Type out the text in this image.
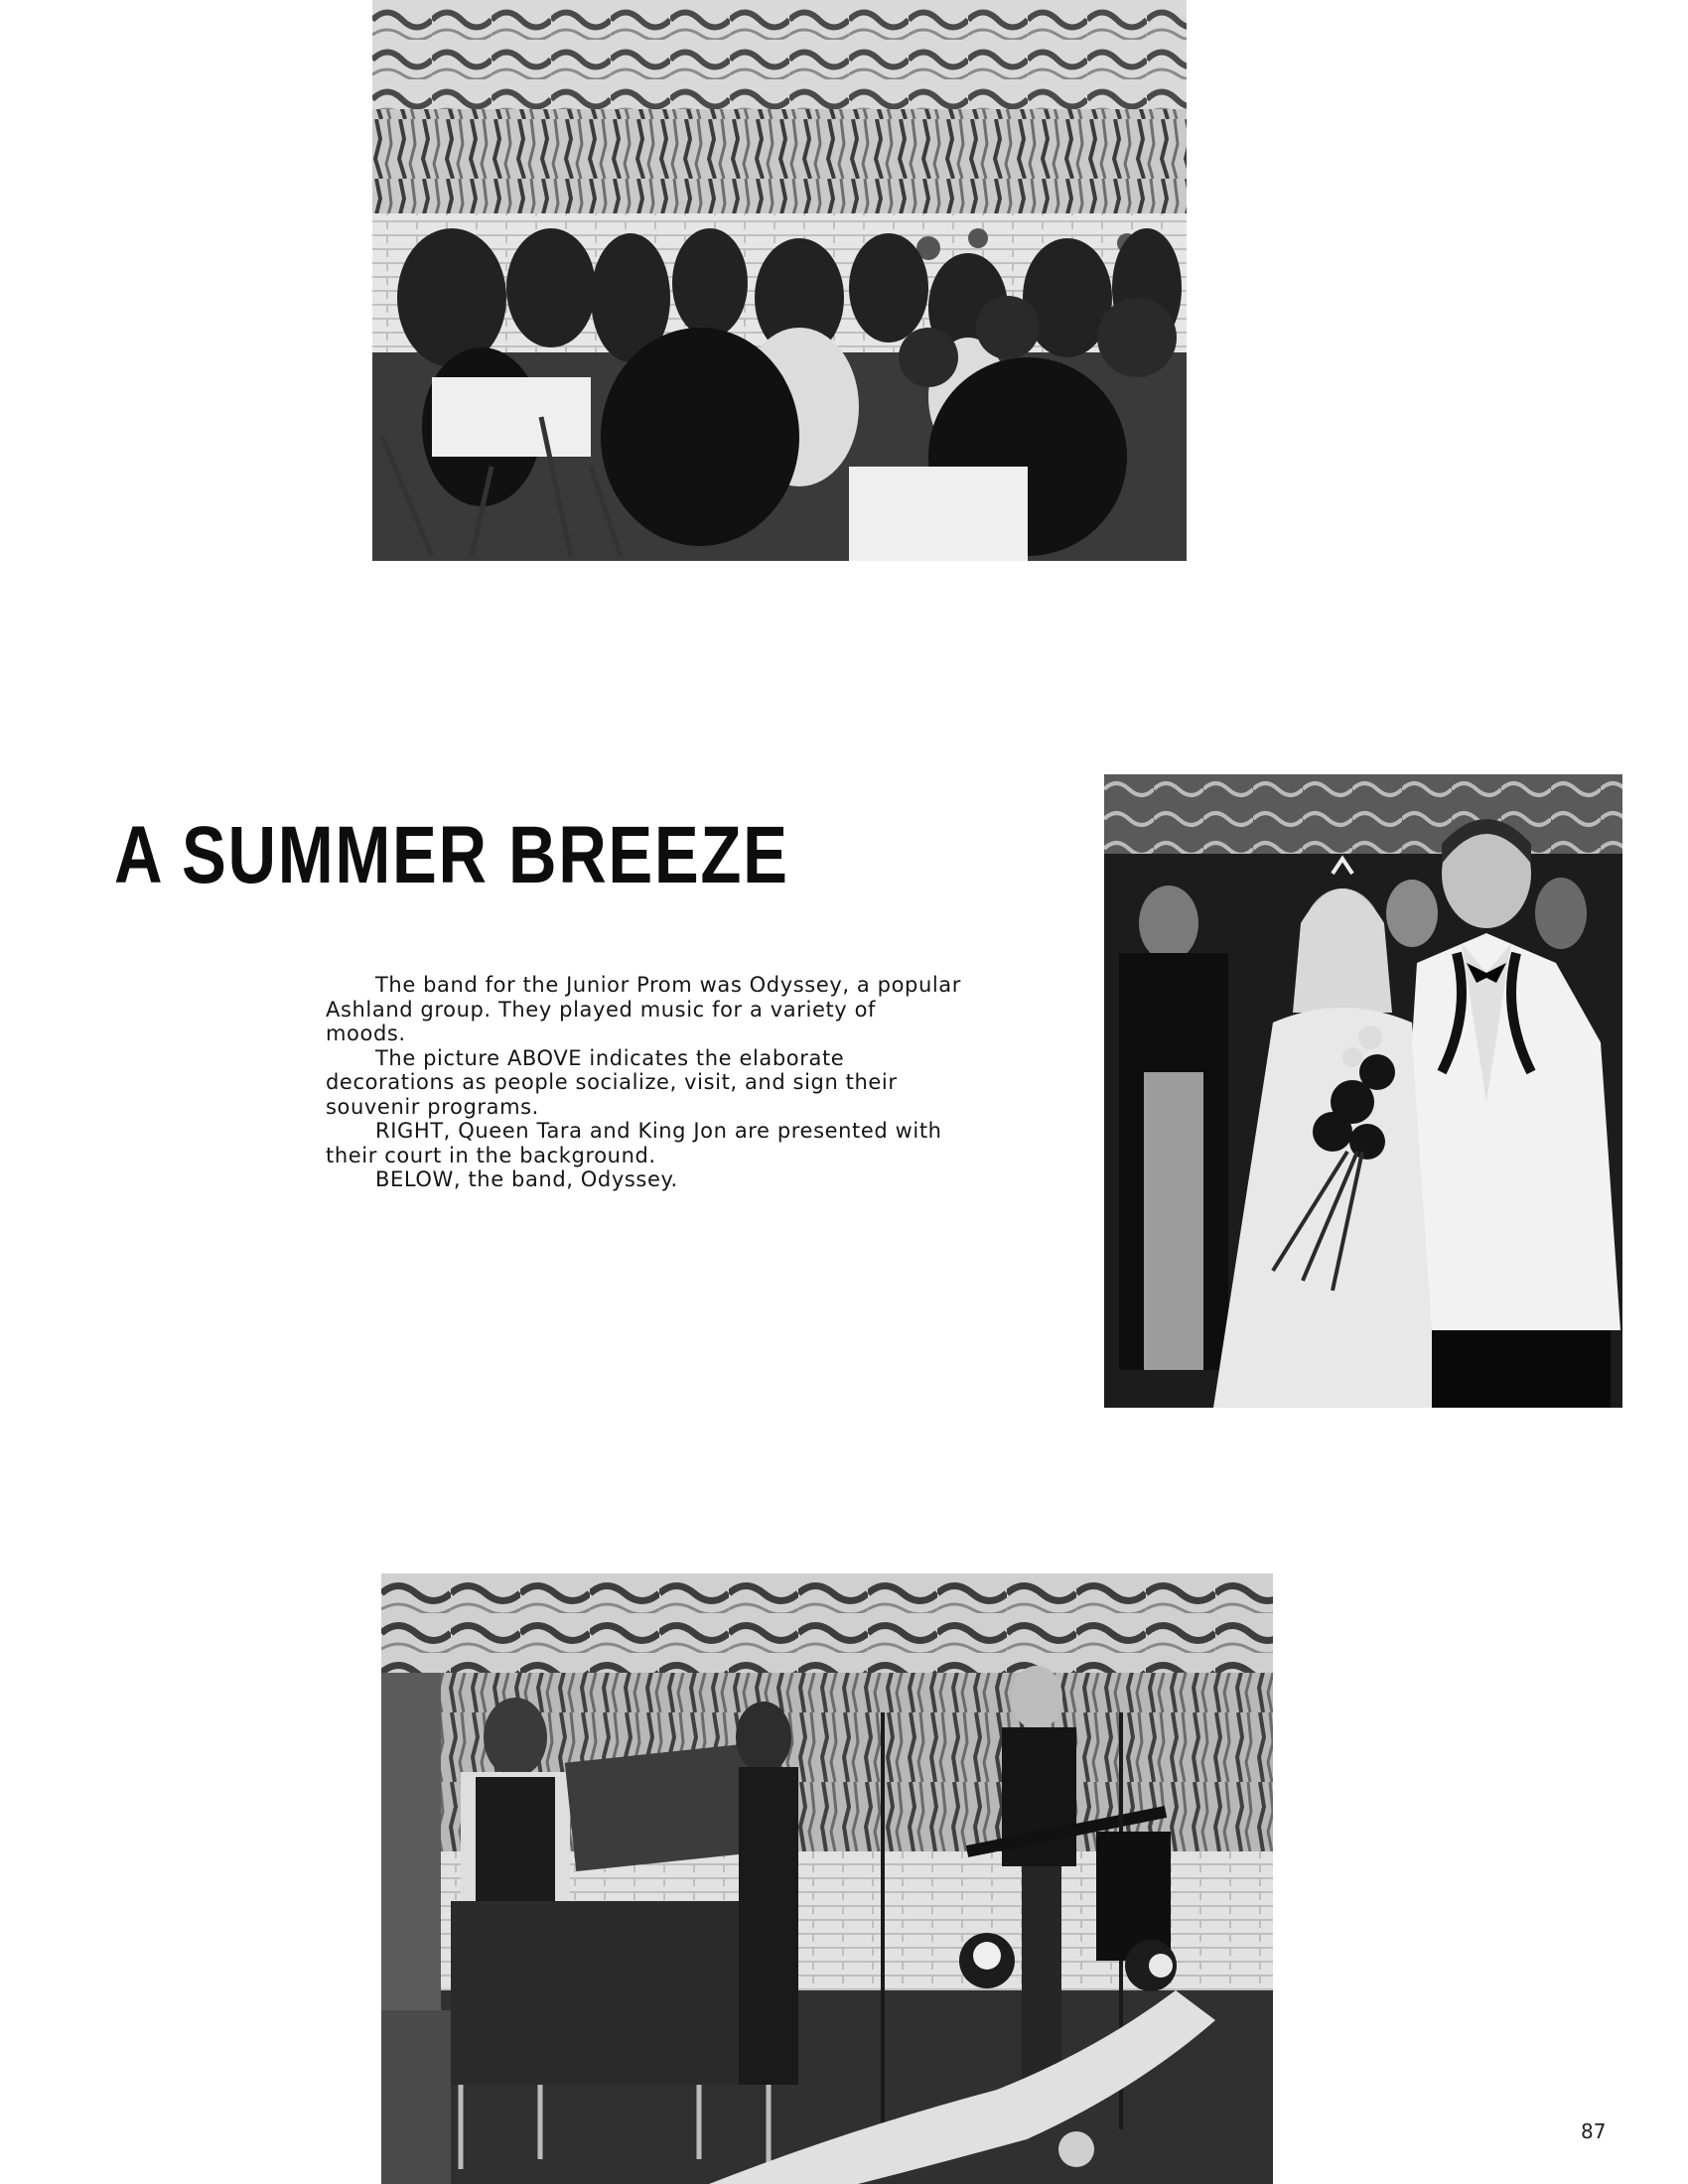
A SUMMER BREEZE

The band for the Junior Prom was Odyssey, a popular Ashland group. They played music for a variety of moods.

The picture ABOVE indicates the elaborate decorations as people socialize, visit, and sign their souvenir programs.

RIGHT, Queen Tara and King Jon are presented with their court in the background.

BELOW, the band, Odyssey.

87
